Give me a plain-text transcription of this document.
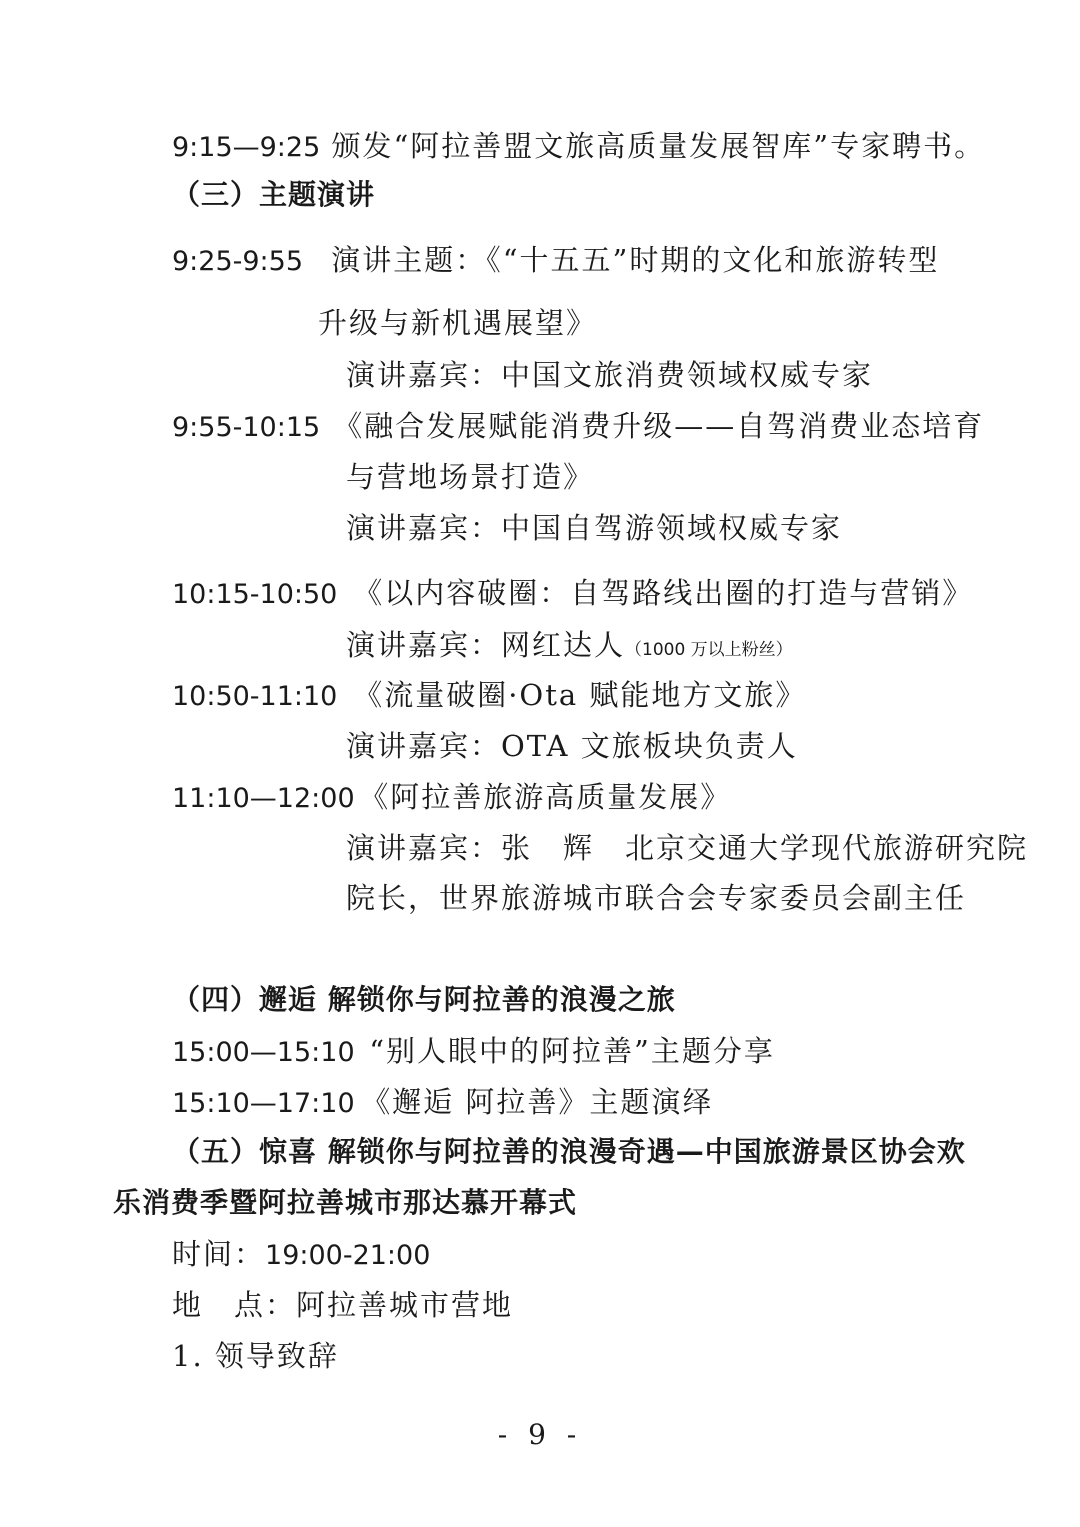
9:15—9:25 颁发“阿拉善盟文旅高质量发展智库”专家聘书。
（三）主题演讲
9:25-9:55 演讲主题：《“十五五”时期的文化和旅游转型
升级与新机遇展望》
演讲嘉宾：中国文旅消费领域权威专家
9:55-10:15 《融合发展赋能消费升级——自驾消费业态培育
与营地场景打造》
演讲嘉宾：中国自驾游领域权威专家
10:15-10:50 《以内容破圈：自驾路线出圈的打造与营销》
演讲嘉宾：网红达人（1000 万以上粉丝）
10:50-11:10 《流量破圈·Ota 赋能地方文旅》
演讲嘉宾：OTA 文旅板块负责人
11:10—12:00 《阿拉善旅游高质量发展》
演讲嘉宾：张　辉　北京交通大学现代旅游研究院
院长，世界旅游城市联合会专家委员会副主任
（四）邂逅 解锁你与阿拉善的浪漫之旅
15:00—15:10 “别人眼中的阿拉善”主题分享
15:10—17:10 《邂逅 阿拉善》主题演绎
（五）惊喜 解锁你与阿拉善的浪漫奇遇—中国旅游景区协会欢
乐消费季暨阿拉善城市那达慕开幕式
时间：19:00-21:00
地　点：阿拉善城市营地
1. 领导致辞
- 9 -
